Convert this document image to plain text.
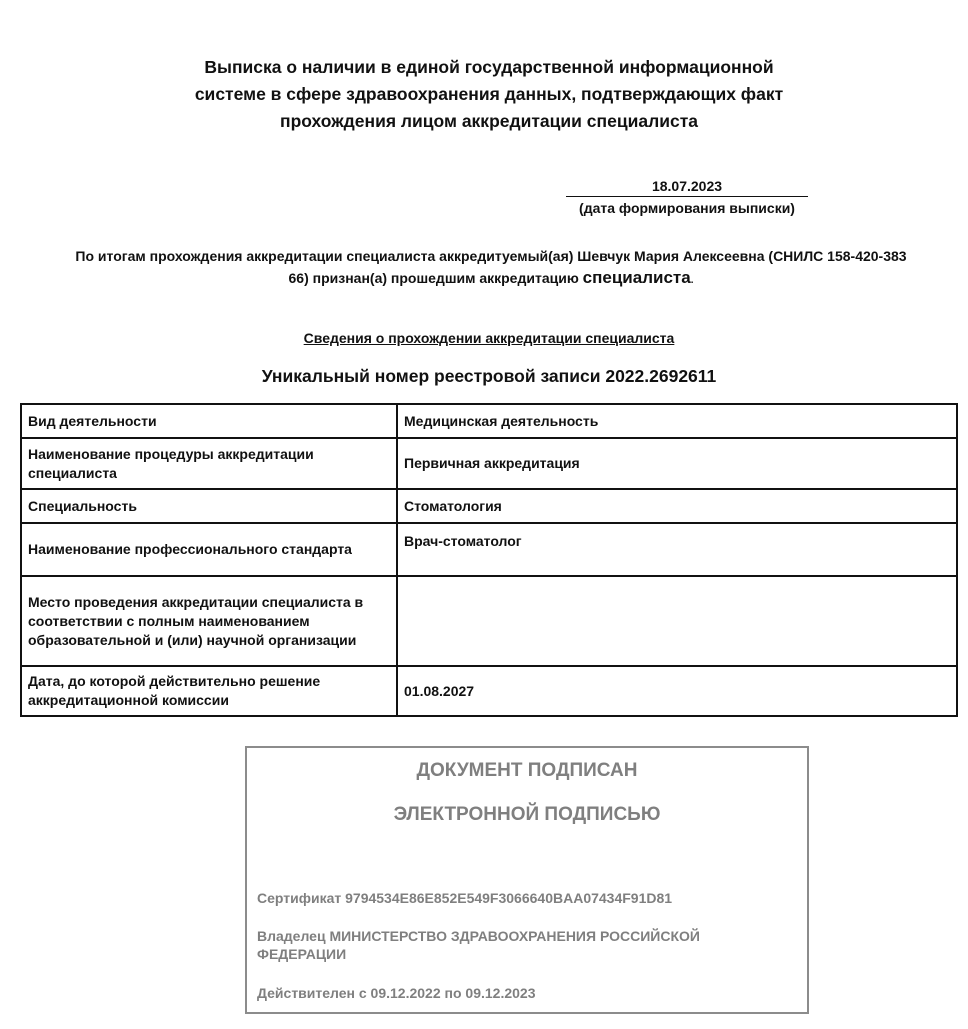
Выписка о наличии в единой государственной информационной
системе в сфере здравоохранения данных, подтверждающих факт
прохождения лицом аккредитации специалиста
18.07.2023
(дата формирования выписки)
По итогам прохождения аккредитации специалиста аккредитуемый(ая) Шевчук Мария Алексеевна (СНИЛС 158-420-383
66) признан(а) прошедшим аккредитацию специалиста.
Сведения о прохождении аккредитации специалиста
Уникальный номер реестровой записи 2022.2692611
Вид деятельности	Медицинская деятельность
Наименование процедуры аккредитации специалиста	Первичная аккредитация
Специальность	Стоматология
Наименование профессионального стандарта	Врач-стоматолог
Место проведения аккредитации специалиста в соответствии с полным наименованием образовательной и (или) научной организации	
Дата, до которой действительно решение аккредитационной комиссии	01.08.2027
ДОКУМЕНТ ПОДПИСАН
ЭЛЕКТРОННОЙ ПОДПИСЬЮ
Сертификат 9794534E86E852E549F3066640BAA07434F91D81
Владелец МИНИСТЕРСТВО ЗДРАВООХРАНЕНИЯ РОССИЙСКОЙ ФЕДЕРАЦИИ
Действителен с 09.12.2022 по 09.12.2023
